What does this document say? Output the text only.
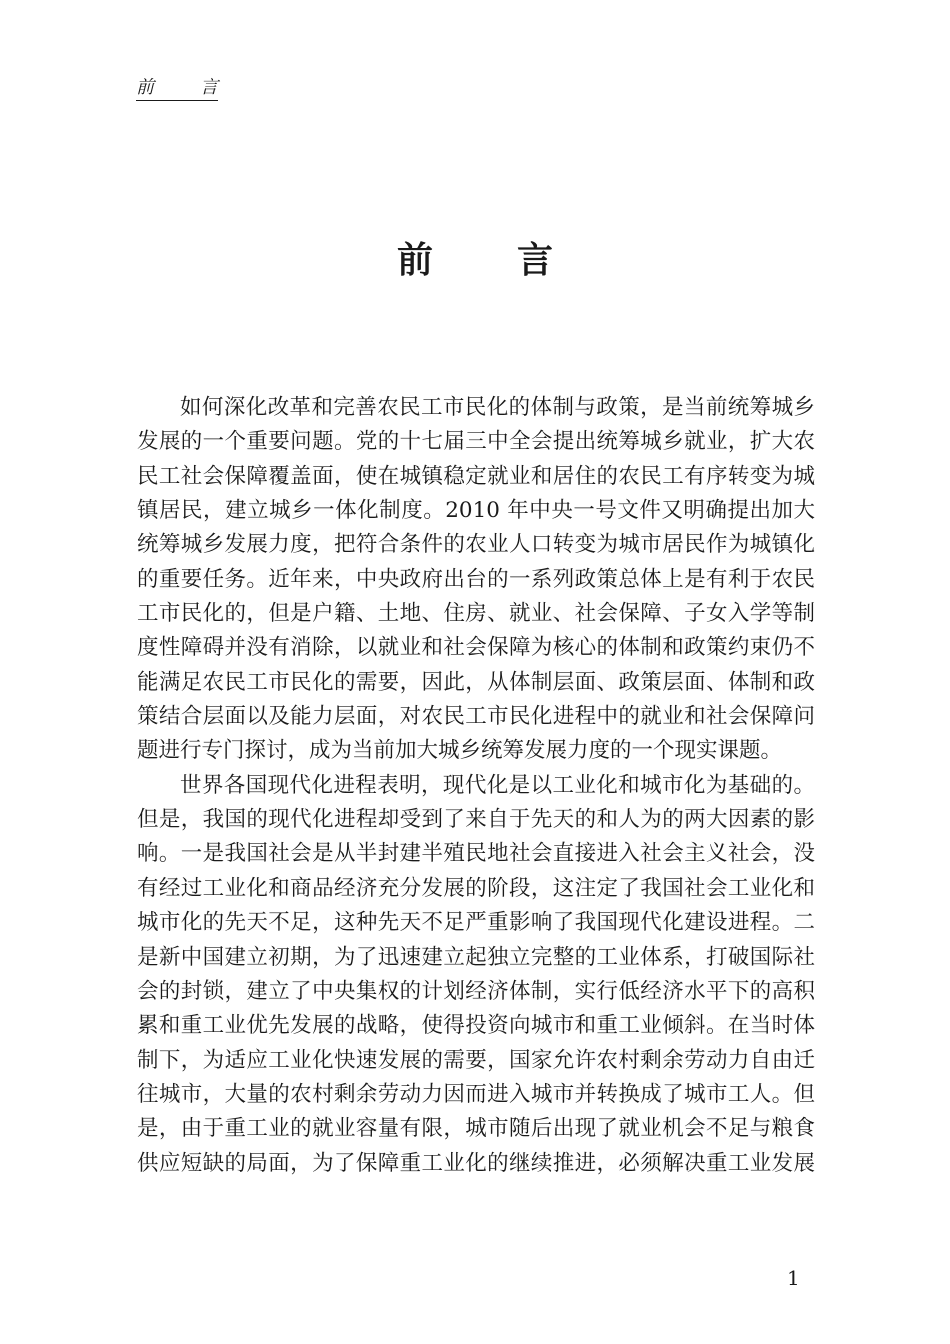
前	言
前 言
如何深化改革和完善农民工市民化的体制与政策，是当前统筹城乡
发展的一个重要问题。党的十七届三中全会提出统筹城乡就业，扩大农
民工社会保障覆盖面，使在城镇稳定就业和居住的农民工有序转变为城
镇居民，建立城乡一体化制度。2010 年中央一号文件又明确提出加大
统筹城乡发展力度，把符合条件的农业人口转变为城市居民作为城镇化
的重要任务。近年来，中央政府出台的一系列政策总体上是有利于农民
工市民化的，但是户籍、土地、住房、就业、社会保障、子女入学等制
度性障碍并没有消除，以就业和社会保障为核心的体制和政策约束仍不
能满足农民工市民化的需要，因此，从体制层面、政策层面、体制和政
策结合层面以及能力层面，对农民工市民化进程中的就业和社会保障问
题进行专门探讨，成为当前加大城乡统筹发展力度的一个现实课题。
世界各国现代化进程表明，现代化是以工业化和城市化为基础的。
但是，我国的现代化进程却受到了来自于先天的和人为的两大因素的影
响。一是我国社会是从半封建半殖民地社会直接进入社会主义社会，没
有经过工业化和商品经济充分发展的阶段，这注定了我国社会工业化和
城市化的先天不足，这种先天不足严重影响了我国现代化建设进程。二
是新中国建立初期，为了迅速建立起独立完整的工业体系，打破国际社
会的封锁，建立了中央集权的计划经济体制，实行低经济水平下的高积
累和重工业优先发展的战略，使得投资向城市和重工业倾斜。在当时体
制下，为适应工业化快速发展的需要，国家允许农村剩余劳动力自由迁
往城市，大量的农村剩余劳动力因而进入城市并转换成了城市工人。但
是，由于重工业的就业容量有限，城市随后出现了就业机会不足与粮食
供应短缺的局面，为了保障重工业化的继续推进，必须解决重工业发展
1
